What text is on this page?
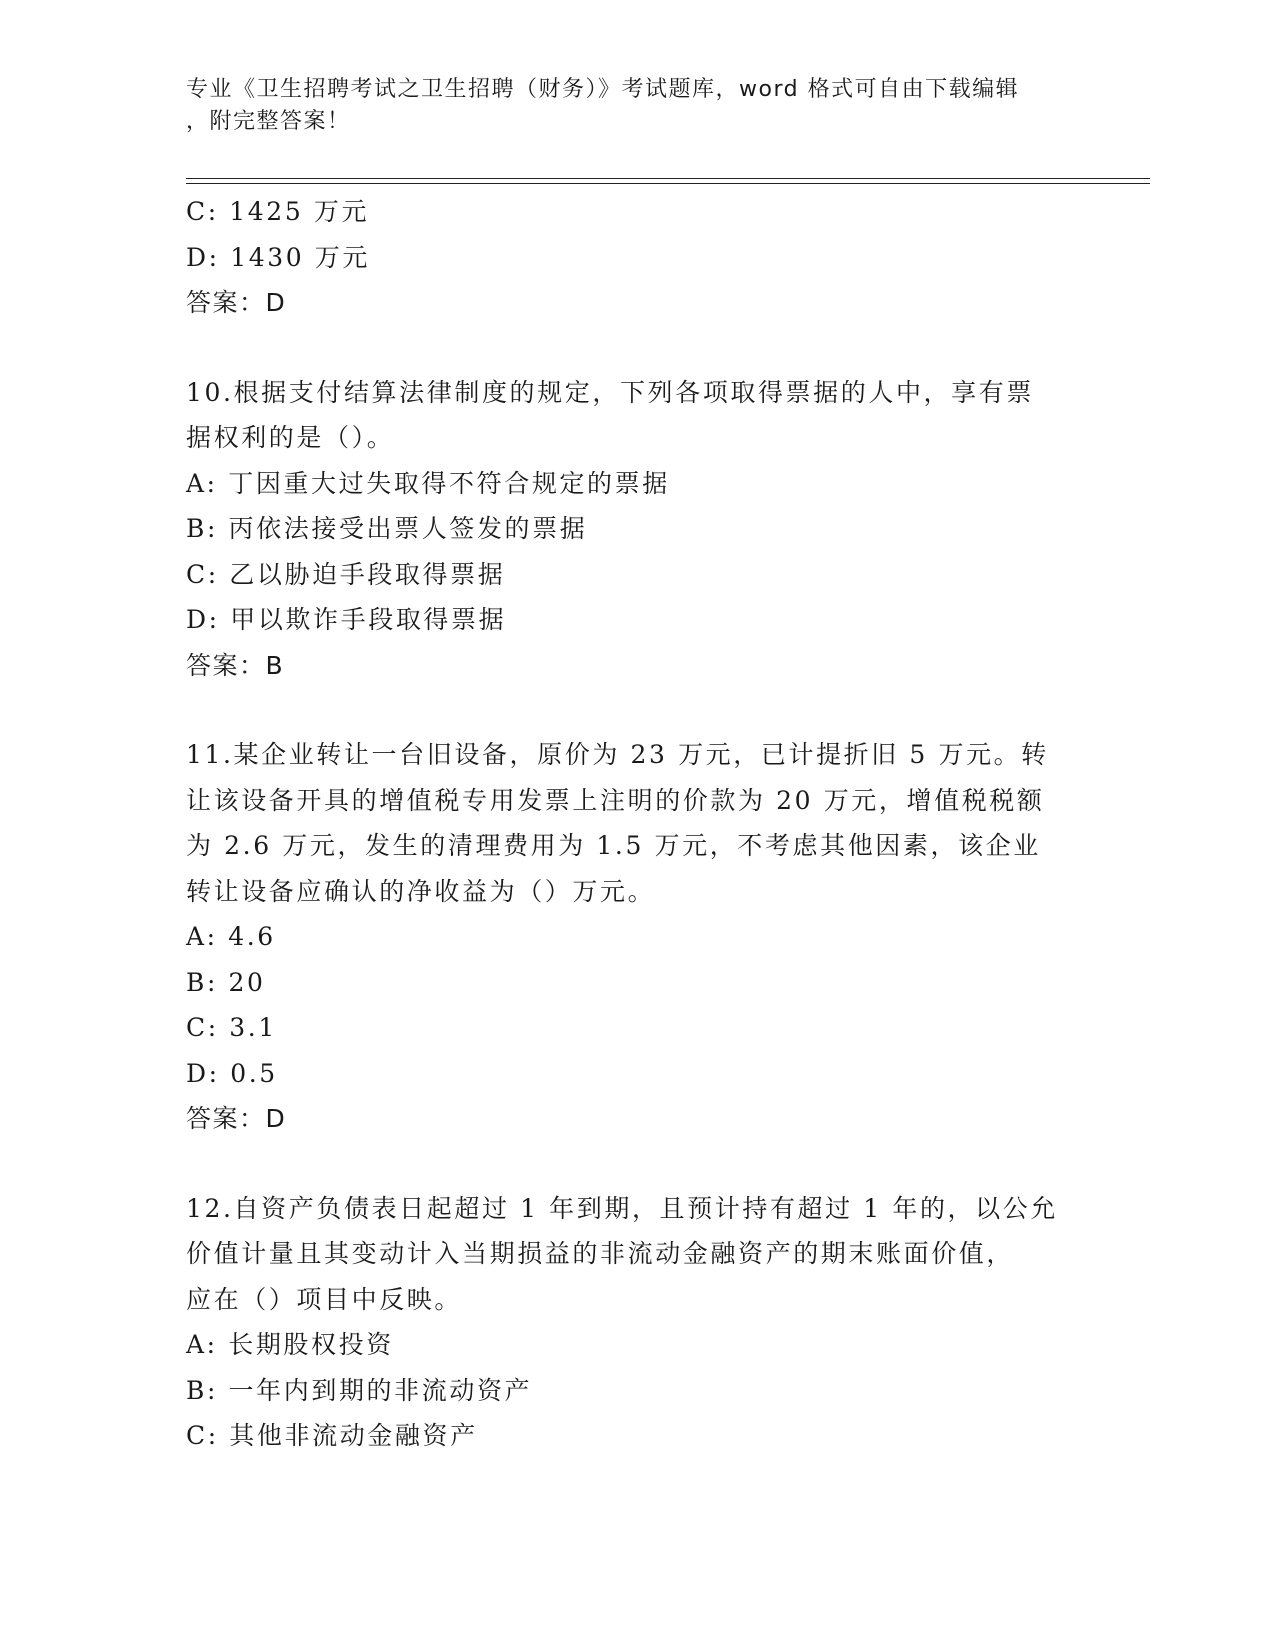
专业《卫生招聘考试之卫生招聘（财务）》考试题库，word 格式可自由下载编辑
，附完整答案！
C: 1425 万元
D: 1430 万元
答案：D
10.根据支付结算法律制度的规定，下列各项取得票据的人中，享有票
据权利的是（）。
A: 丁因重大过失取得不符合规定的票据
B: 丙依法接受出票人签发的票据
C: 乙以胁迫手段取得票据
D: 甲以欺诈手段取得票据
答案：B
11.某企业转让一台旧设备，原价为 23 万元，已计提折旧 5 万元。转
让该设备开具的增值税专用发票上注明的价款为 20 万元，增值税税额
为 2.6 万元，发生的清理费用为 1.5 万元，不考虑其他因素，该企业
转让设备应确认的净收益为（）万元。
A: 4.6
B: 20
C: 3.1
D: 0.5
答案：D
12.自资产负债表日起超过 1 年到期，且预计持有超过 1 年的，以公允
价值计量且其变动计入当期损益的非流动金融资产的期末账面价值，
应在（）项目中反映。
A: 长期股权投资
B: 一年内到期的非流动资产
C: 其他非流动金融资产
